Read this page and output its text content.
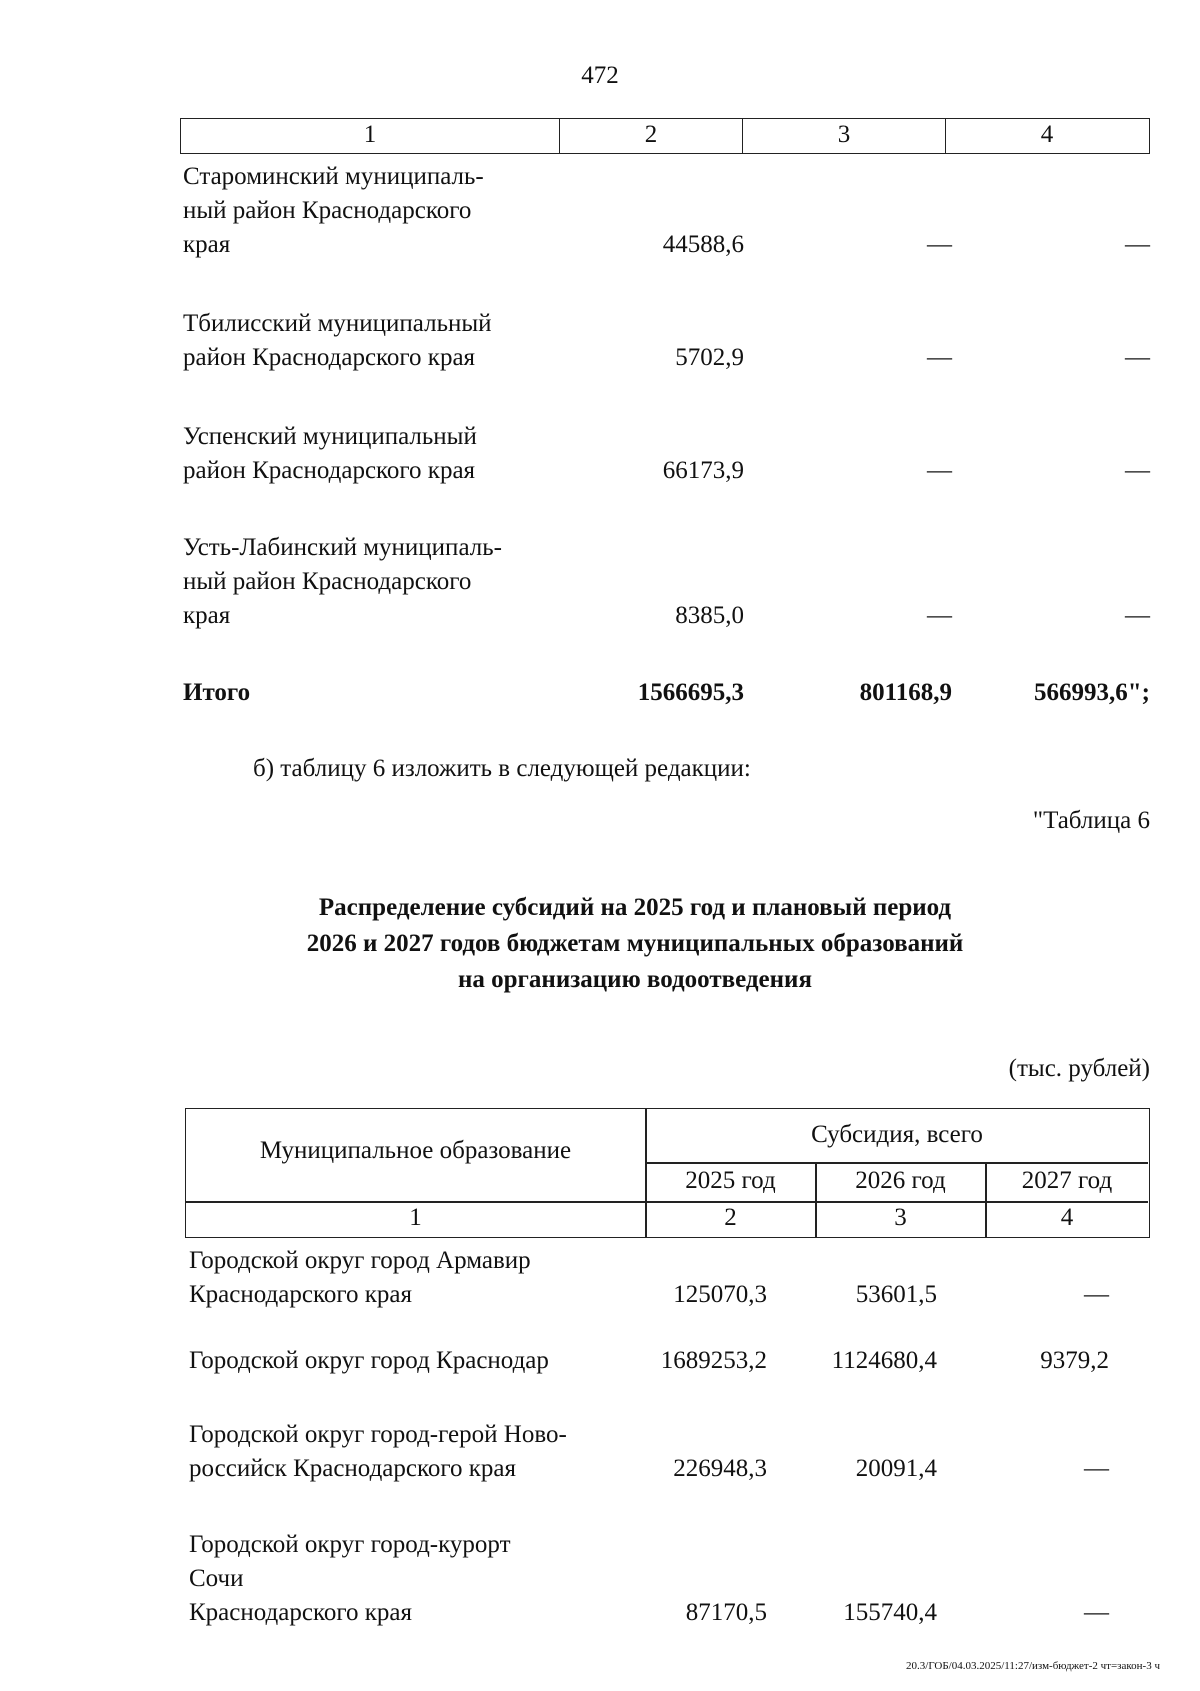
472
1	2	3	4
Староминский муниципаль-
ный район Краснодарского
края	44588,6	—	—
Тбилисский муниципальный
район Краснодарского края	5702,9	—	—
Успенский муниципальный
район Краснодарского края	66173,9	—	—
Усть-Лабинский муниципаль-
ный район Краснодарского
края	8385,0	—	—
Итого	1566695,3	801168,9	566993,6";
б) таблицу 6 изложить в следующей редакции:
"Таблица 6
Распределение субсидий на 2025 год и плановый период
2026 и 2027 годов бюджетам муниципальных образований
на организацию водоотведения
(тыс. рублей)
Муниципальное образование
Субсидия, всего
2025 год	2026 год	2027 год
1	2	3	4
Городской округ город Армавир
Краснодарского края	125070,3	53601,5	—
Городской округ город Краснодар	1689253,2	1124680,4	9379,2
Городской округ город-герой Ново-
российск Краснодарского края	226948,3	20091,4	—
Городской округ город-курорт Сочи
Краснодарского края	87170,5	155740,4	—
20.3/ГОБ/04.03.2025/11:27/изм-бюджет-2 чт=закон-3 ч
